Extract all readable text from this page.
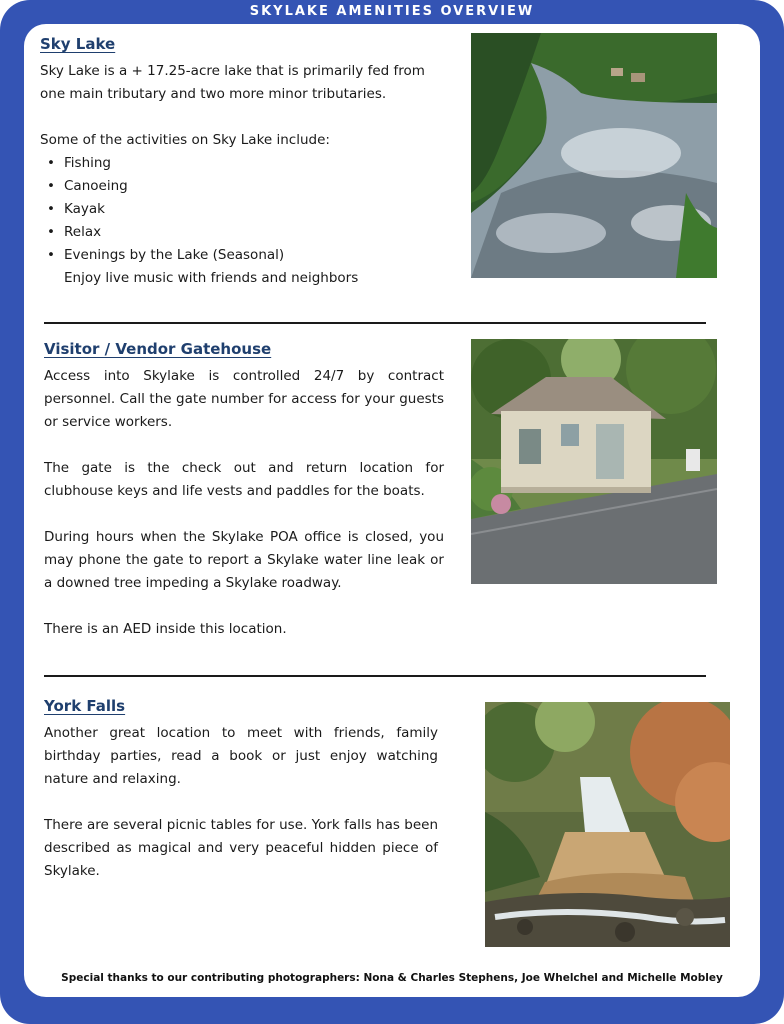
SKYLAKE AMENITIES OVERVIEW
Sky Lake

Sky Lake is a + 17.25-acre lake that is primarily fed from one main tributary and two more minor tributaries.

Some of the activities on Sky Lake include:

• Fishing
• Canoeing
• Kayak
• Relax
• Evenings by the Lake (Seasonal)
Enjoy live music with friends and neighbors
Visitor / Vendor Gatehouse

Access into Skylake is controlled 24/7 by contract personnel. Call the gate number for access for your guests or service workers.

The gate is the check out and return location for clubhouse keys and life vests and paddles for the boats.

During hours when the Skylake POA office is closed, you may phone the gate to report a Skylake water line leak or a downed tree impeding a Skylake roadway.

There is an AED inside this location.

York Falls

Another great location to meet with friends, family birthday parties, read a book or just enjoy watching nature and relaxing.

There are several picnic tables for use. York falls has been described as magical and very peaceful hidden piece of Skylake.

Special thanks to our contributing photographers: Nona & Charles Stephens, Joe Whelchel and Michelle Mobley
